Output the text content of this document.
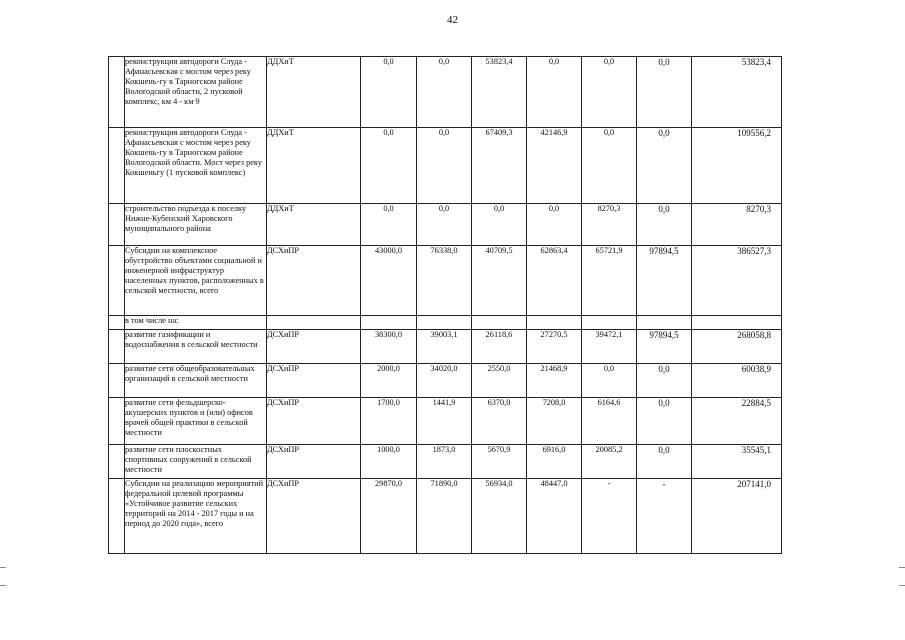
42
	реконструкция автодороги Слуда - Афанасьевская с мостом через реку Кокшень-гу в Тарногском районе Вологодской области, 2 пусковой комплекс, км 4 - км 9	ДДХиТ	0,0	0,0	53823,4	0,0	0,0	0,0	53823,4
	реконструкция автодороги Слуда - Афанасьевская с мостом через реку Кокшень-гу в Тарногском районе Вологодской области. Мост через реку Кокшеньгу (1 пусковой комплекс)	ДДХиТ	0,0	0,0	67409,3	42146,9	0,0	0,0	109556,2
	строительство подъезда к поселку Нижне-Кубенский Харовского муниципального района	ДДХиТ	0,0	0,0	0,0	0,0	8270,3	0,0	8270,3
	Субсидии на комплексное обустройство объектами социальной и инженерной инфраструктур населенных пунктов, расположенных в сельской местности, всего	ДСХиПР	43000,0	76338,0	40709,5	62863,4	65721,9	97894,5	386527,3
	в том числе на:								
	развитие газификации и водоснабжения в сельской местности	ДСХиПР	38300,0	39003,1	26118,6	27270,5	39472,1	97894,5	268058,8
	развитие сети общеобразовательных организаций в сельской местности	ДСХиПР	2000,0	34020,0	2550,0	21468,9	0,0	0,0	60038,9
	развитие сети фельдшерско-акушерских пунктов и (или) офисов врачей общей практики в сельской местности	ДСХиПР	1700,0	1441,9	6370,0	7208,0	6164,6	0,0	22884,5
	развитие сети плоскостных спортивных сооружений в сельской местности	ДСХиПР	1000,0	1873,0	5670,9	6916,0	20085,2	0,0	35545,1
	Субсидии на реализацию мероприятий федеральной целевой программы «Устойчивое развитие сельских территорий на 2014 - 2017 годы и на период до 2020 года», всего	ДСХиПР	29870,0	71890,0	56934,0	48447,0	-	-	207141,0
